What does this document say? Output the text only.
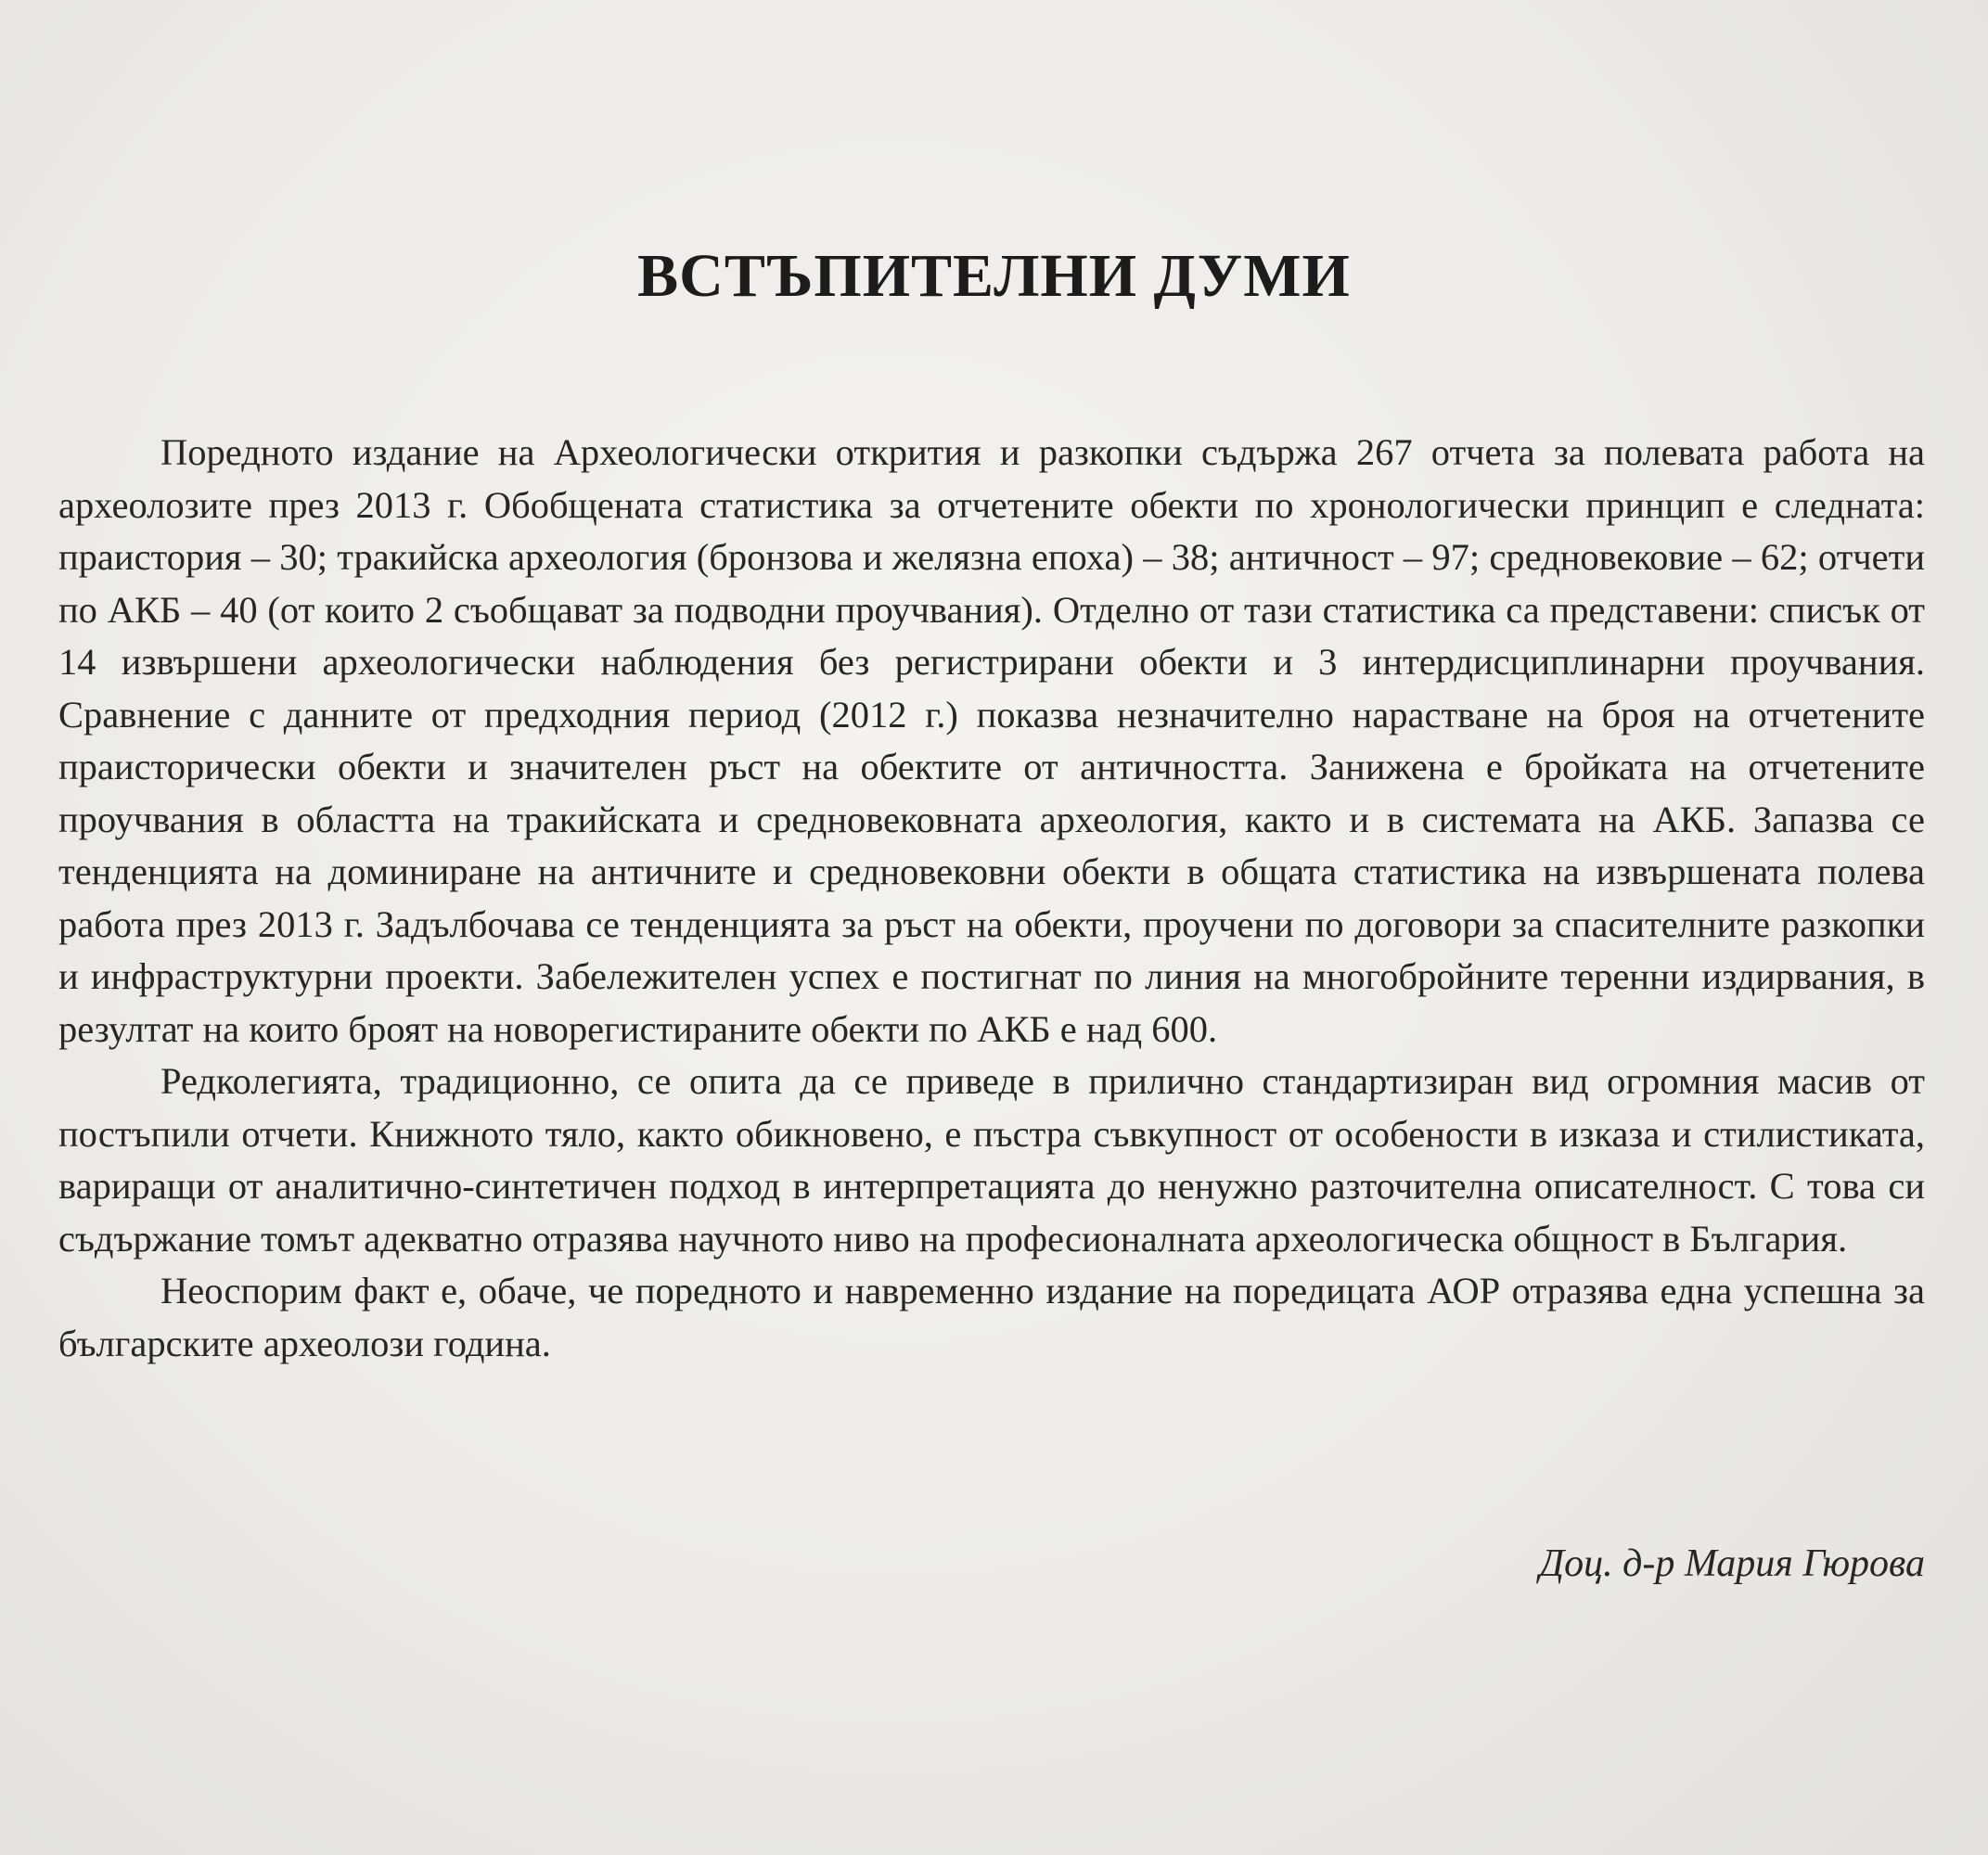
ВСТЪПИТЕЛНИ ДУМИ

Поредното издание на Археологически открития и разкопки съдържа 267 отчета за полевата работа на археолозите през 2013 г. Обобщената статистика за отчетените обекти по хронологически принцип е следната: праистория – 30; тракийска археология (бронзова и желязна епоха) – 38; античност – 97; средновековие – 62; отчети по АКБ – 40 (от които 2 съобщават за подводни проучвания). Отделно от тази статистика са представени: списък от 14 извършени археологически наблюдения без регистрирани обекти и 3 интердисциплинарни проучвания. Сравнение с данните от предходния период (2012 г.) показва незначително нарастване на броя на отчетените праисторически обекти и значителен ръст на обектите от античността. Занижена е бройката на отчетените проучвания в областта на тракийската и средновековната археология, както и в системата на АКБ. Запазва се тенденцията на доминиране на античните и средновековни обекти в общата статистика на извършената полева работа през 2013 г. Задълбочава се тенденцията за ръст на обекти, проучени по договори за спасителните разкопки и инфраструктурни проекти. Забележителен успех е постигнат по линия на многобройните теренни издирвания, в резултат на които броят на новорегистираните обекти по АКБ е над 600.

Редколегията, традиционно, се опита да се приведе в прилично стандартизиран вид огромния масив от постъпили отчети. Книжното тяло, както обикновено, е пъстра съвкупност от особености в изказа и стилистиката, вариращи от аналитично-синтетичен подход в интерпретацията до ненужно разточителна описателност. С това си съдържание томът адекватно отразява научното ниво на професионалната археологическа общност в България.

Неоспорим факт е, обаче, че поредното и навременно издание на поредицата АОР отразява една успешна за българските археолози година.

Доц. д-р Мария Гюрова
